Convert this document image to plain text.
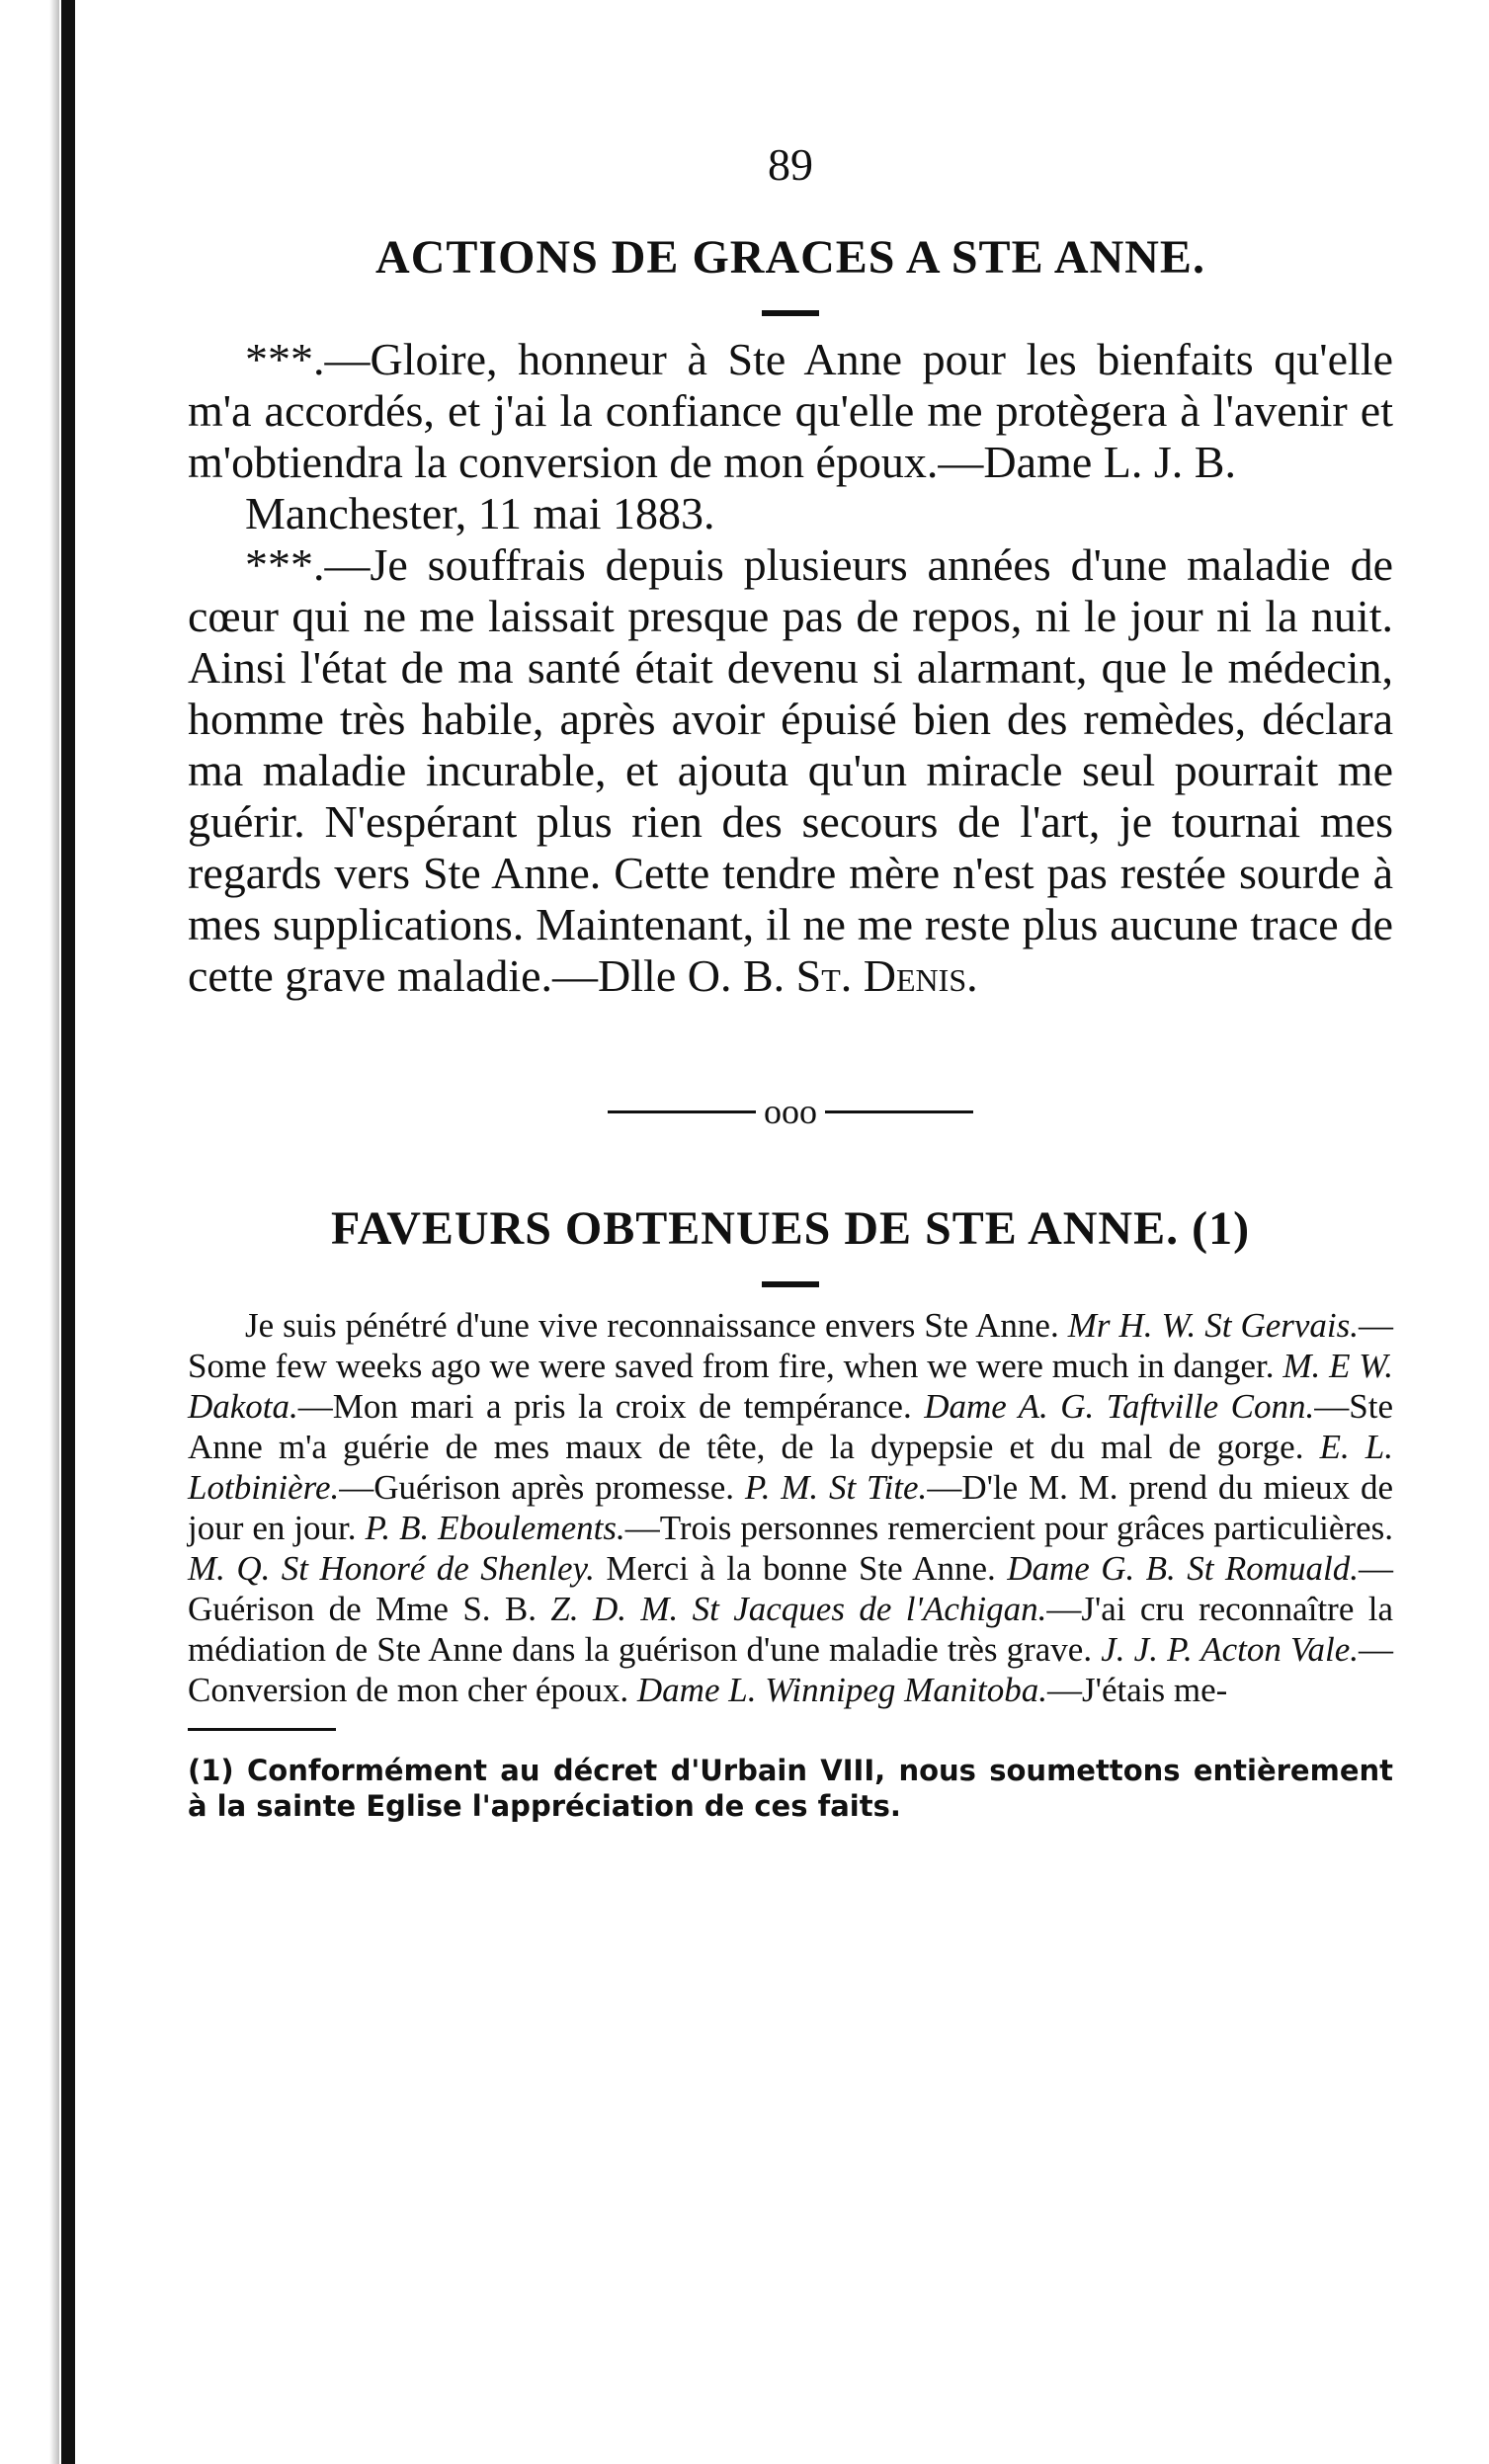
89
ACTIONS DE GRACES A STE ANNE.

***.—Gloire, honneur à Ste Anne pour les bienfaits qu'elle m'a accordés, et j'ai la confiance qu'elle me protègera à l'avenir et m'obtiendra la conversion de mon époux.—Dame L. J. B.
Manchester, 11 mai 1883.

***.—Je souffrais depuis plusieurs années d'une maladie de cœur qui ne me laissait presque pas de repos, ni le jour ni la nuit. Ainsi l'état de ma santé était devenu si alarmant, que le médecin, homme très habile, après avoir épuisé bien des remèdes, déclara ma maladie incurable, et ajouta qu'un miracle seul pourrait me guérir. N'espérant plus rien des secours de l'art, je tournai mes regards vers Ste Anne. Cette tendre mère n'est pas restée sourde à mes supplications. Maintenant, il ne me reste plus aucune trace de cette grave maladie.—Dlle O. B. St. Denis.

ooo
FAVEURS OBTENUES DE STE ANNE. (1)

Je suis pénétré d'une vive reconnaissance envers Ste Anne. Mr H. W. St Gervais.—Some few weeks ago we were saved from fire, when we were much in danger. M. E W. Dakota.—Mon mari a pris la croix de tempérance. Dame A. G. Taftville Conn.—Ste Anne m'a guérie de mes maux de tête, de la dypepsie et du mal de gorge. E. L. Lotbinière.—Guérison après promesse. P. M. St Tite.—D'le M. M. prend du mieux de jour en jour. P. B. Eboulements.—Trois personnes remercient pour grâces particulières. M. Q. St Honoré de Shenley. Merci à la bonne Ste Anne. Dame G. B. St Romuald.—Guérison de Mme S. B. Z. D. M. St Jacques de l'Achigan.—J'ai cru reconnaître la médiation de Ste Anne dans la guérison d'une maladie très grave. J. J. P. Acton Vale.—Conversion de mon cher époux. Dame L. Winnipeg Manitoba.—J'étais me-

(1) Conformément au décret d'Urbain VIII, nous soumettons entièrement à la sainte Eglise l'appréciation de ces faits.
